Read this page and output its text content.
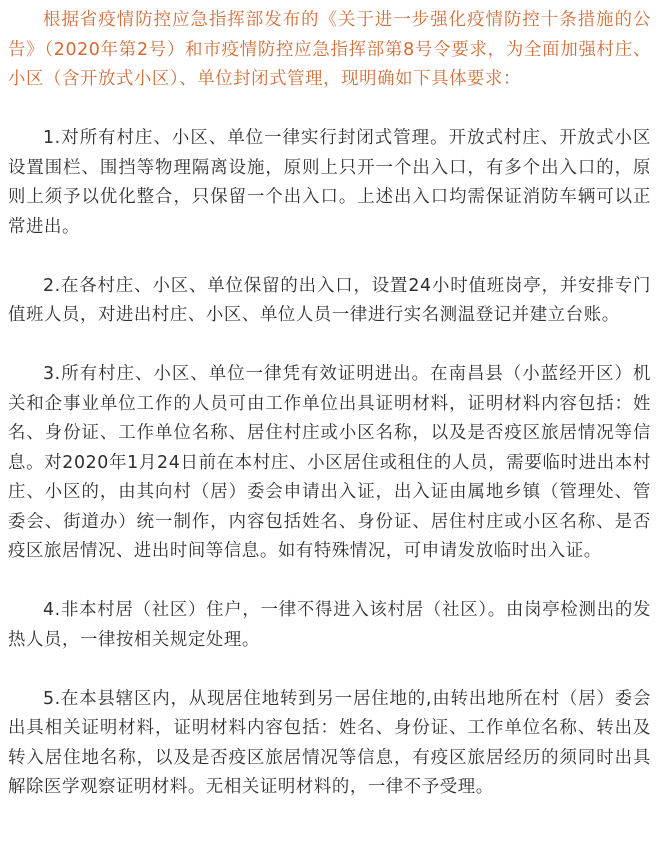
根据省疫情防控应急指挥部发布的《关于进一步强化疫情防控十条措施的公告》（2020年第2号）和市疫情防控应急指挥部第8号令要求，为全面加强村庄、小区（含开放式小区）、单位封闭式管理，现明确如下具体要求：

1.对所有村庄、小区、单位一律实行封闭式管理。开放式村庄、开放式小区设置围栏、围挡等物理隔离设施，原则上只开一个出入口，有多个出入口的，原则上须予以优化整合，只保留一个出入口。上述出入口均需保证消防车辆可以正常进出。

2.在各村庄、小区、单位保留的出入口，设置24小时值班岗亭，并安排专门值班人员，对进出村庄、小区、单位人员一律进行实名测温登记并建立台账。

3.所有村庄、小区、单位一律凭有效证明进出。在南昌县（小蓝经开区）机关和企事业单位工作的人员可由工作单位出具证明材料，证明材料内容包括：姓名、身份证、工作单位名称、居住村庄或小区名称，以及是否疫区旅居情况等信息。对2020年1月24日前在本村庄、小区居住或租住的人员，需要临时进出本村庄、小区的，由其向村（居）委会申请出入证，出入证由属地乡镇（管理处、管委会、街道办）统一制作，内容包括姓名、身份证、居住村庄或小区名称、是否疫区旅居情况、进出时间等信息。如有特殊情况，可申请发放临时出入证。

4.非本村居（社区）住户，一律不得进入该村居（社区）。由岗亭检测出的发热人员，一律按相关规定处理。

5.在本县辖区内，从现居住地转到另一居住地的,由转出地所在村（居）委会出具相关证明材料，证明材料内容包括：姓名、身份证、工作单位名称、转出及转入居住地名称，以及是否疫区旅居情况等信息，有疫区旅居经历的须同时出具解除医学观察证明材料。无相关证明材料的，一律不予受理。
